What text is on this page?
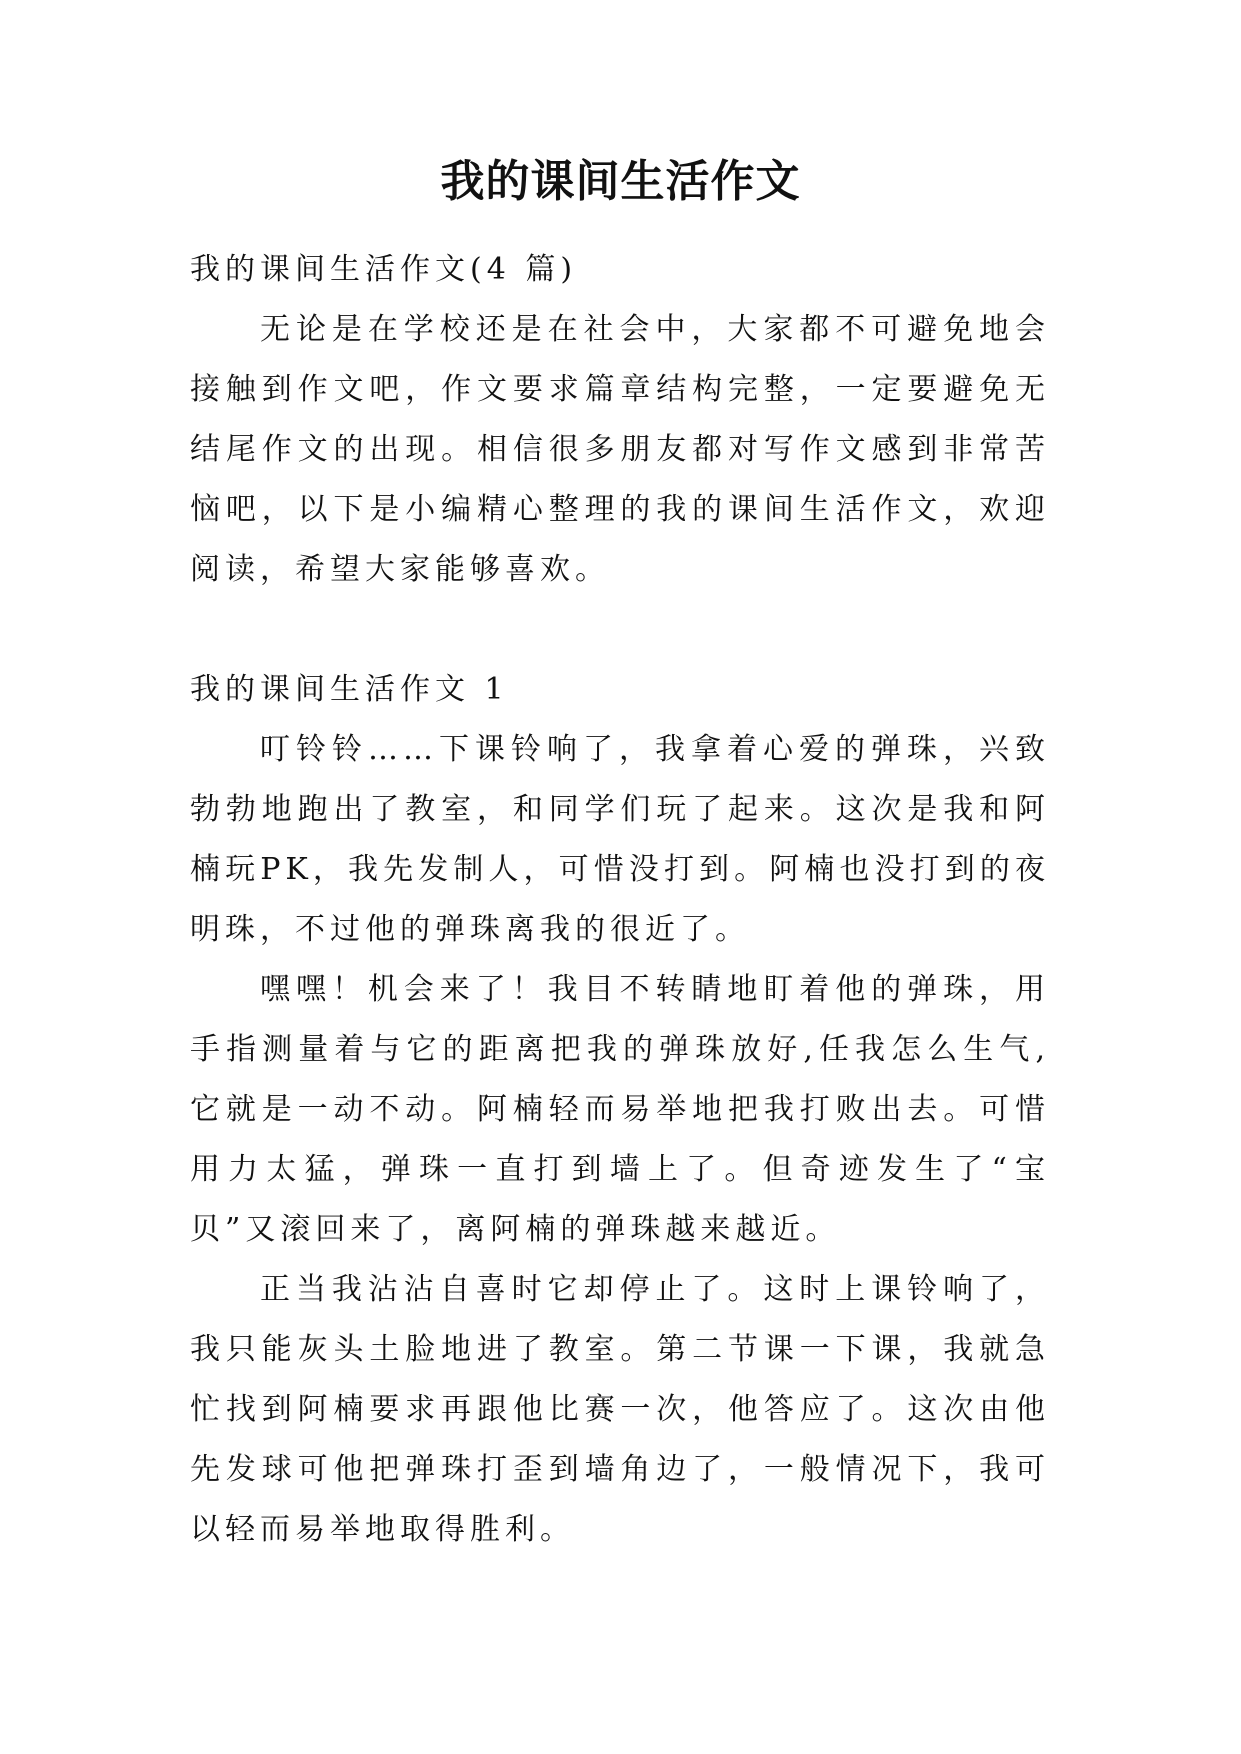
我的课间生活作文

我的课间生活作文(4 篇)

无论是在学校还是在社会中，大家都不可避免地会接触到作文吧，作文要求篇章结构完整，一定要避免无结尾作文的出现。相信很多朋友都对写作文感到非常苦恼吧，以下是小编精心整理的我的课间生活作文，欢迎阅读，希望大家能够喜欢。

我的课间生活作文 1

叮铃铃……下课铃响了，我拿着心爱的弹珠，兴致勃勃地跑出了教室，和同学们玩了起来。这次是我和阿楠玩PK，我先发制人，可惜没打到。阿楠也没打到的夜明珠，不过他的弹珠离我的很近了。

嘿嘿！机会来了！我目不转睛地盯着他的弹珠，用手指测量着与它的距离把我的弹珠放好,任我怎么生气,它就是一动不动。阿楠轻而易举地把我打败出去。可惜用力太猛，弹珠一直打到墙上了。但奇迹发生了“宝贝”又滚回来了，离阿楠的弹珠越来越近。

正当我沾沾自喜时它却停止了。这时上课铃响了，我只能灰头土脸地进了教室。第二节课一下课，我就急忙找到阿楠要求再跟他比赛一次，他答应了。这次由他先发球可他把弹珠打歪到墙角边了，一般情况下，我可以轻而易举地取得胜利。
